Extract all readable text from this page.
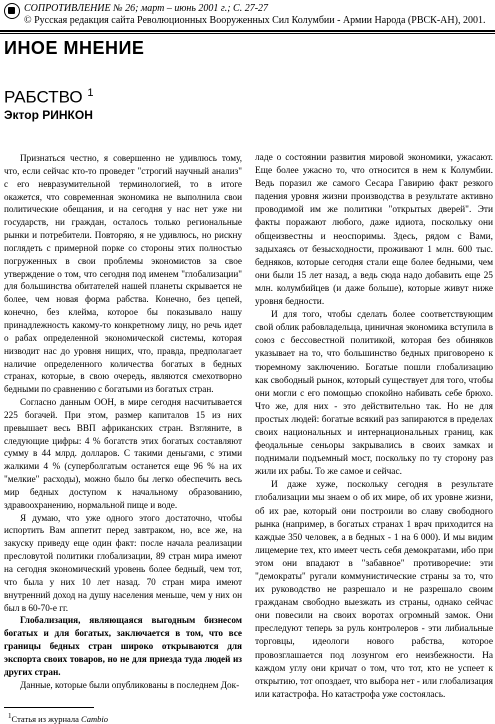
СОПРОТИВЛЕНИЕ № 26; март – июнь 2001 г.; С. 27-27
© Русская редакция сайта Революционных Вооруженных Сил Колумбии - Армии Народа (РВСК-АН), 2001.
ИНОЕ МНЕНИЕ
РАБСТВО $^1$
Эктор РИНКОН

Признаться честно, я совершенно не удивлюсь тому, что, если сейчас кто-то проведет "строгий научный анализ" с его невразумительной терминологией, то в итоге окажется, что современная экономика не выполнила свои политические обещания, и на сегодня у нас нет уже ни государств, ни граждан, осталось только региональные рынки и потребители. Повторяю, я не удивлюсь, но рискну поглядеть с примерной порке со стороны этих полностью погруженных в свои проблемы экономистов за свое утверждение о том, что сегодня под именем "глобализации" для большинства обитателей нашей планеты скрывается не более, чем новая форма рабства. Конечно, без цепей, конечно, без клейма, которое бы показывало нашу принадлежность какому-то конкретному лицу, но речь идет о рабах определенной экономической системы, которая низводит нас до уровня нищих, что, правда, предполагает наличие определенного количества богатых в бедных странах, которые, в свою очередь, являются смехотворно бедными по сравнению с богатыми из богатых стран.

Согласно данным ООН, в мире сегодня насчитывается 225 богачей. При этом, размер капиталов 15 из них превышает весь ВВП африканских стран. Взгляните, в следующие цифры: 4 % богатств этих богатых составляют сумму в 44 млрд. долларов. С такими деньгами, с этими жалкими 4 % (суперболгатым останется еще 96 % на их "мелкие" расходы), можно было бы легко обеспечить весь мир бедных доступом к начальному образованию, здравоохранению, нормальной пище и воде.

Я думаю, что уже одного этого достаточно, чтобы испортить Вам аппетит перед завтраком, но, все же, на закуску приведу еще один факт: после начала реализации пресловутой политики глобализации, 89 стран мира имеют на сегодня экономический уровень более бедный, чем тот, что была у них 10 лет назад. 70 стран мира имеют внутренний доход на душу населения меньше, чем у них он был в 60-70-е гг.

Глобализация, являющаяся выгодным бизнесом богатых и для богатых, заключается в том, что все границы бедных стран широко открываются для экспорта своих товаров, но не для приезда туда людей из других стран.

Данные, которые были опубликованы в последнем Док-

ладе о состоянии развития мировой экономики, ужасают. Еще более ужасно то, что относится в нем к Колумбии. Ведь поразил же самого Сесара Гавирию факт резкого падения уровня жизни производства в результате активно проводимой им же политики "открытых дверей". Эти факты поражают любого, даже идиота, поскольку они общеизвестны и неоспоримы. Здесь, рядом с Вами, задыхаясь от безысходности, проживают 1 млн. 600 тыс. бедняков, которые сегодня стали еще более бедными, чем они были 15 лет назад, а ведь сюда надо добавить еще 25 млн. колумбийцев (и даже больше), которые живут ниже уровня бедности.

И для того, чтобы сделать более соответствующим свой облик рабовладельца, циничная экономика вступила в союз с бессовестной политикой, которая без обиняков указывает на то, что большинство бедных приговорено к тюремному заключению. Богатые пошли глобализацию как свободный рынок, который существует для того, чтобы они могли с его помощью спокойно набивать себе брюхо. Что же, для них - это действительно так. Но не для простых людей: богатые всякий раз запираются в пределах своих национальных и интернациональных границ, как феодальные сеньоры закрывались в своих замках и поднимали подъемный мост, поскольку по ту сторону раз жили их рабы. То же самое и сейчас.

И даже хуже, поскольку сегодня в результате глобализации мы знаем о об их мире, об их уровне жизни, об их рае, который они построили во славу свободного рынка (например, в богатых странах 1 врач приходится на каждые 350 человек, а в бедных - 1 на 6 000). И мы видим лицемерие тех, кто имеет честь себя демократами, ибо при этом они впадают в "забавное" противоречие: эти "демократы" ругали коммунистические страны за то, что их руководство не разрешало и не разрешало своим гражданам свободно выезжать из страны, однако сейчас они повесили на своих воротах огромный замок. Они преследуют теперь за руль контролеров - эти либиальные торговцы, идеологи нового рабства, которое провозглашается под лозунгом его неизбежности. На каждом углу они кричат о том, что тот, кто не успеет к открытию, тот опоздает, что выбора нет - или глобализация или катастрофа. Но катастрофа уже состоялась.

$^1$Статья из журнала Cambio
